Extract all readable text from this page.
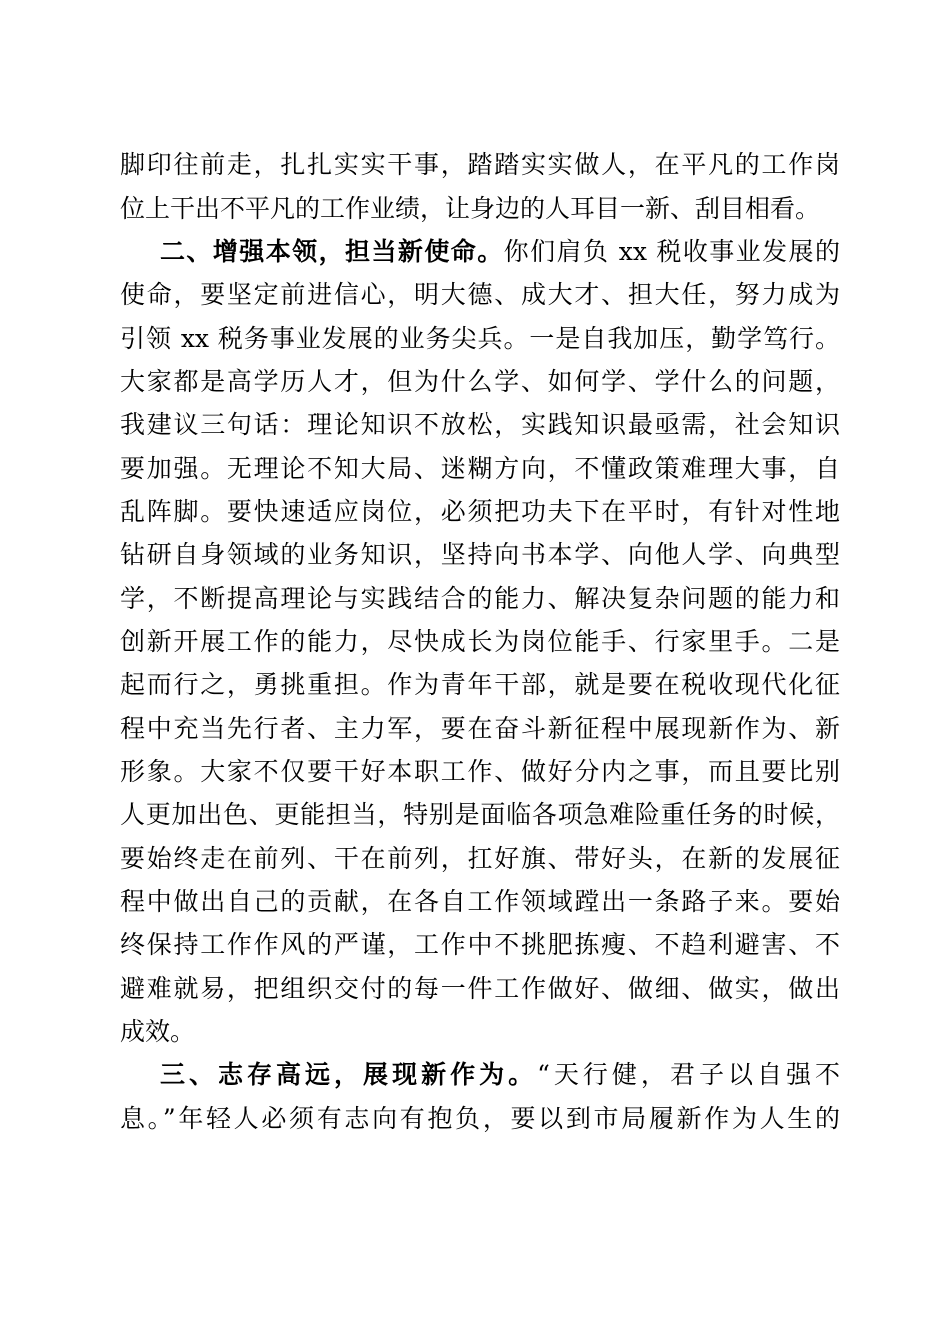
脚印往前走，扎扎实实干事，踏踏实实做人，在平凡的工作岗
位上干出不平凡的工作业绩，让身边的人耳目一新、刮目相看。
二、增强本领，担当新使命。你们肩负 xx 税收事业发展的
使命，要坚定前进信心，明大德、成大才、担大任，努力成为
引领 xx 税务事业发展的业务尖兵。一是自我加压，勤学笃行。
大家都是高学历人才，但为什么学、如何学、学什么的问题，
我建议三句话：理论知识不放松，实践知识最亟需，社会知识
要加强。无理论不知大局、迷糊方向，不懂政策难理大事，自
乱阵脚。要快速适应岗位，必须把功夫下在平时，有针对性地
钻研自身领域的业务知识，坚持向书本学、向他人学、向典型
学，不断提高理论与实践结合的能力、解决复杂问题的能力和
创新开展工作的能力，尽快成长为岗位能手、行家里手。二是
起而行之，勇挑重担。作为青年干部，就是要在税收现代化征
程中充当先行者、主力军，要在奋斗新征程中展现新作为、新
形象。大家不仅要干好本职工作、做好分内之事，而且要比别
人更加出色、更能担当，特别是面临各项急难险重任务的时候，
要始终走在前列、干在前列，扛好旗、带好头，在新的发展征
程中做出自己的贡献，在各自工作领域蹚出一条路子来。要始
终保持工作作风的严谨，工作中不挑肥拣瘦、不趋利避害、不
避难就易，把组织交付的每一件工作做好、做细、做实，做出
成效。
三、志存高远，展现新作为。“天行健，君子以自强不
息。”年轻人必须有志向有抱负，要以到市局履新作为人生的
